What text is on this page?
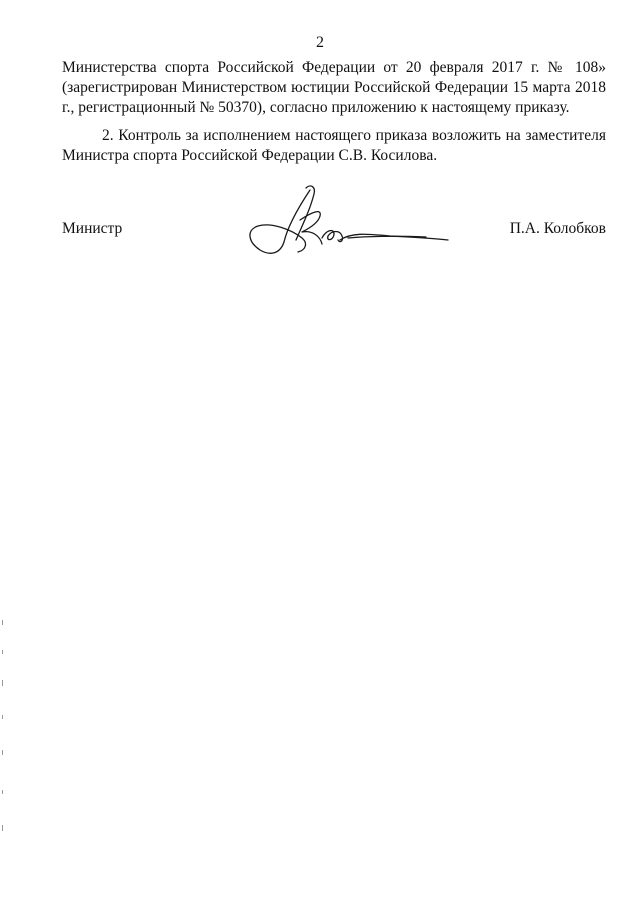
2

Министерства спорта Российской Федерации от 20 февраля 2017 г. № 108» (зарегистрирован Министерством юстиции Российской Федерации 15 марта 2018 г., регистрационный № 50370), согласно приложению к настоящему приказу.

2. Контроль за исполнением настоящего приказа возложить на заместителя Министра спорта Российской Федерации С.В. Косилова.

Министр	П.А. Колобков
